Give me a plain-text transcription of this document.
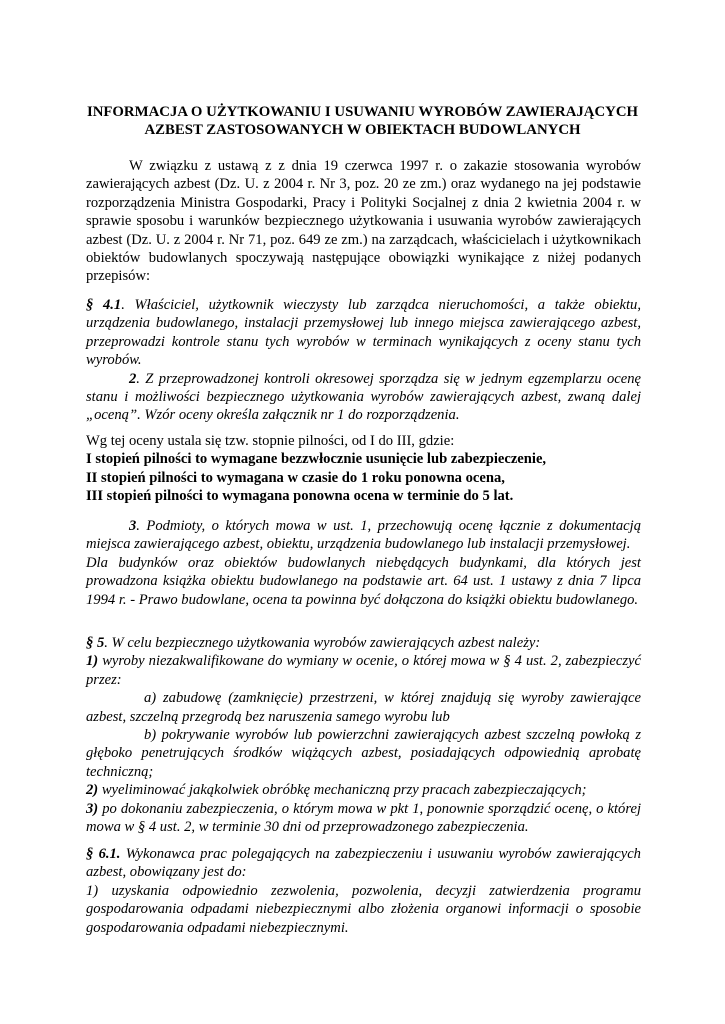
INFORMACJA O UŻYTKOWANIU I USUWANIU WYROBÓW ZAWIERAJĄCYCH
AZBEST ZASTOSOWANYCH W OBIEKTACH BUDOWLANYCH

W związku z ustawą z z dnia 19 czerwca 1997 r. o zakazie stosowania wyrobów zawierających azbest (Dz. U. z 2004 r. Nr 3, poz. 20 ze zm.) oraz wydanego na jej podstawie rozporządzenia Ministra Gospodarki, Pracy i Polityki Socjalnej z dnia 2 kwietnia 2004 r. w sprawie sposobu i warunków bezpiecznego użytkowania i usuwania wyrobów zawierających azbest (Dz. U. z 2004 r. Nr 71, poz. 649 ze zm.) na zarządcach, właścicielach i użytkownikach obiektów budowlanych spoczywają następujące obowiązki wynikające z niżej podanych przepisów:

§ 4.1. Właściciel, użytkownik wieczysty lub zarządca nieruchomości, a także obiektu, urządzenia budowlanego, instalacji przemysłowej lub innego miejsca zawierającego azbest, przeprowadzi kontrole stanu tych wyrobów w terminach wynikających z oceny stanu tych wyrobów.

2. Z przeprowadzonej kontroli okresowej sporządza się w jednym egzemplarzu ocenę stanu i możliwości bezpiecznego użytkowania wyrobów zawierających azbest, zwaną dalej „oceną”. Wzór oceny określa załącznik nr 1 do rozporządzenia.

Wg tej oceny ustala się tzw. stopnie pilności, od I do III, gdzie:

I stopień pilności to wymagane bezzwłocznie usunięcie lub zabezpieczenie,

II stopień pilności to wymagana w czasie do 1 roku ponowna ocena,

III stopień pilności to wymagana ponowna ocena w terminie do 5 lat.

3. Podmioty, o których mowa w ust. 1, przechowują ocenę łącznie z dokumentacją miejsca zawierającego azbest, obiektu, urządzenia budowlanego lub instalacji przemysłowej.

Dla budynków oraz obiektów budowlanych niebędących budynkami, dla których jest prowadzona książka obiektu budowlanego na podstawie art. 64 ust. 1 ustawy z dnia 7 lipca 1994 r. - Prawo budowlane, ocena ta powinna być dołączona do książki obiektu budowlanego.

§ 5. W celu bezpiecznego użytkowania wyrobów zawierających azbest należy:

1) wyroby niezakwalifikowane do wymiany w ocenie, o której mowa w § 4 ust. 2, zabezpieczyć przez:

a) zabudowę (zamknięcie) przestrzeni, w której znajdują się wyroby zawierające azbest, szczelną przegrodą bez naruszenia samego wyrobu lub

b) pokrywanie wyrobów lub powierzchni zawierających azbest szczelną powłoką z głęboko penetrujących środków wiążących azbest, posiadających odpowiednią aprobatę techniczną;

2) wyeliminować jakąkolwiek obróbkę mechaniczną przy pracach zabezpieczających;

3) po dokonaniu zabezpieczenia, o którym mowa w pkt 1, ponownie sporządzić ocenę, o której mowa w § 4 ust. 2, w terminie 30 dni od przeprowadzonego zabezpieczenia.

§ 6.1. Wykonawca prac polegających na zabezpieczeniu i usuwaniu wyrobów zawierających azbest, obowiązany jest do:

1) uzyskania odpowiednio zezwolenia, pozwolenia, decyzji zatwierdzenia programu gospodarowania odpadami niebezpiecznymi albo złożenia organowi informacji o sposobie gospodarowania odpadami niebezpiecznymi.
